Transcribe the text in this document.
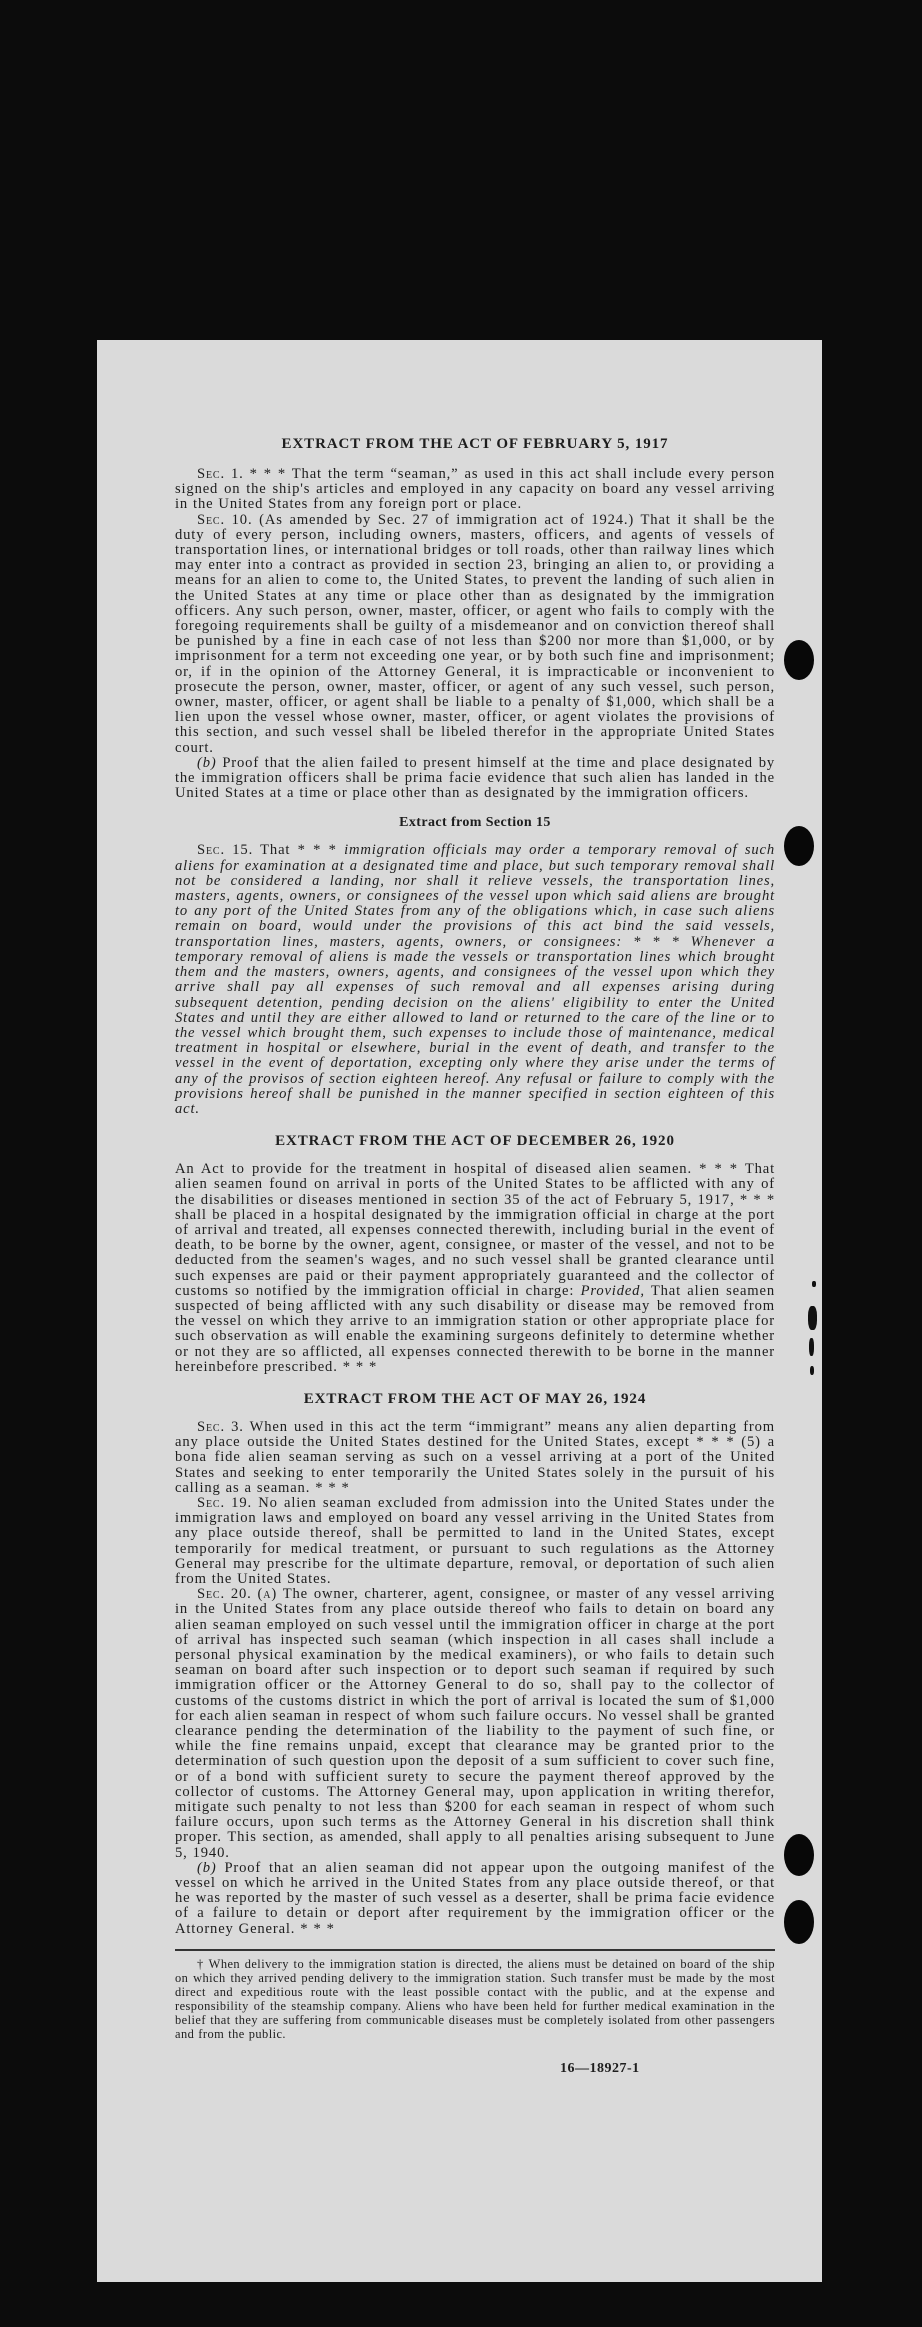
EXTRACT FROM THE ACT OF FEBRUARY 5, 1917

Sec. 1. * * * That the term “seaman,” as used in this act shall include every person signed on the ship's articles and employed in any capacity on board any vessel arriving in the United States from any foreign port or place.

Sec. 10. (As amended by Sec. 27 of immigration act of 1924.) That it shall be the duty of every person, including owners, masters, officers, and agents of vessels of transportation lines, or international bridges or toll roads, other than railway lines which may enter into a contract as provided in section 23, bringing an alien to, or providing a means for an alien to come to, the United States, to prevent the landing of such alien in the United States at any time or place other than as designated by the immigration officers. Any such person, owner, master, officer, or agent who fails to comply with the foregoing requirements shall be guilty of a misdemeanor and on conviction thereof shall be punished by a fine in each case of not less than $200 nor more than $1,000, or by imprisonment for a term not exceeding one year, or by both such fine and imprisonment; or, if in the opinion of the Attorney General, it is impracticable or inconvenient to prosecute the person, owner, master, officer, or agent of any such vessel, such person, owner, master, officer, or agent shall be liable to a penalty of $1,000, which shall be a lien upon the vessel whose owner, master, officer, or agent violates the provisions of this section, and such vessel shall be libeled therefor in the appropriate United States court.

(b) Proof that the alien failed to present himself at the time and place designated by the immigration officers shall be prima facie evidence that such alien has landed in the United States at a time or place other than as designated by the immigration officers.

Extract from Section 15

Sec. 15. That * * * immigration officials may order a temporary removal of such aliens for examination at a designated time and place, but such temporary removal shall not be considered a landing, nor shall it relieve vessels, the transportation lines, masters, agents, owners, or consignees of the vessel upon which said aliens are brought to any port of the United States from any of the obligations which, in case such aliens remain on board, would under the provisions of this act bind the said vessels, transportation lines, masters, agents, owners, or consignees: * * * Whenever a temporary removal of aliens is made the vessels or transportation lines which brought them and the masters, owners, agents, and consignees of the vessel upon which they arrive shall pay all expenses of such removal and all expenses arising during subsequent detention, pending decision on the aliens' eligibility to enter the United States and until they are either allowed to land or returned to the care of the line or to the vessel which brought them, such expenses to include those of maintenance, medical treatment in hospital or elsewhere, burial in the event of death, and transfer to the vessel in the event of deportation, excepting only where they arise under the terms of any of the provisos of section eighteen hereof. Any refusal or failure to comply with the provisions hereof shall be punished in the manner specified in section eighteen of this act.

EXTRACT FROM THE ACT OF DECEMBER 26, 1920

An Act to provide for the treatment in hospital of diseased alien seamen. * * * That alien seamen found on arrival in ports of the United States to be afflicted with any of the disabilities or diseases mentioned in section 35 of the act of February 5, 1917, * * * shall be placed in a hospital designated by the immigration official in charge at the port of arrival and treated, all expenses connected therewith, including burial in the event of death, to be borne by the owner, agent, consignee, or master of the vessel, and not to be deducted from the seamen's wages, and no such vessel shall be granted clearance until such expenses are paid or their payment appropriately guaranteed and the collector of customs so notified by the immigration official in charge: Provided, That alien seamen suspected of being afflicted with any such disability or disease may be removed from the vessel on which they arrive to an immigration station or other appropriate place for such observation as will enable the examining surgeons definitely to determine whether or not they are so afflicted, all expenses connected therewith to be borne in the manner hereinbefore prescribed. * * *

EXTRACT FROM THE ACT OF MAY 26, 1924

Sec. 3. When used in this act the term “immigrant” means any alien departing from any place outside the United States destined for the United States, except * * * (5) a bona fide alien seaman serving as such on a vessel arriving at a port of the United States and seeking to enter temporarily the United States solely in the pursuit of his calling as a seaman. * * *

Sec. 19. No alien seaman excluded from admission into the United States under the immigration laws and employed on board any vessel arriving in the United States from any place outside thereof, shall be permitted to land in the United States, except temporarily for medical treatment, or pursuant to such regulations as the Attorney General may prescribe for the ultimate departure, removal, or deportation of such alien from the United States.

Sec. 20. (a) The owner, charterer, agent, consignee, or master of any vessel arriving in the United States from any place outside thereof who fails to detain on board any alien seaman employed on such vessel until the immigration officer in charge at the port of arrival has inspected such seaman (which inspection in all cases shall include a personal physical examination by the medical examiners), or who fails to detain such seaman on board after such inspection or to deport such seaman if required by such immigration officer or the Attorney General to do so, shall pay to the collector of customs of the customs district in which the port of arrival is located the sum of $1,000 for each alien seaman in respect of whom such failure occurs. No vessel shall be granted clearance pending the determination of the liability to the payment of such fine, or while the fine remains unpaid, except that clearance may be granted prior to the determination of such question upon the deposit of a sum sufficient to cover such fine, or of a bond with sufficient surety to secure the payment thereof approved by the collector of customs. The Attorney General may, upon application in writing therefor, mitigate such penalty to not less than $200 for each seaman in respect of whom such failure occurs, upon such terms as the Attorney General in his discretion shall think proper. This section, as amended, shall apply to all penalties arising subsequent to June 5, 1940.

(b) Proof that an alien seaman did not appear upon the outgoing manifest of the vessel on which he arrived in the United States from any place outside thereof, or that he was reported by the master of such vessel as a deserter, shall be prima facie evidence of a failure to detain or deport after requirement by the immigration officer or the Attorney General. * * *

† When delivery to the immigration station is directed, the aliens must be detained on board of the ship on which they arrived pending delivery to the immigration station. Such transfer must be made by the most direct and expeditious route with the least possible contact with the public, and at the expense and responsibility of the steamship company. Aliens who have been held for further medical examination in the belief that they are suffering from communicable diseases must be completely isolated from other passengers and from the public.

16—18927-1
